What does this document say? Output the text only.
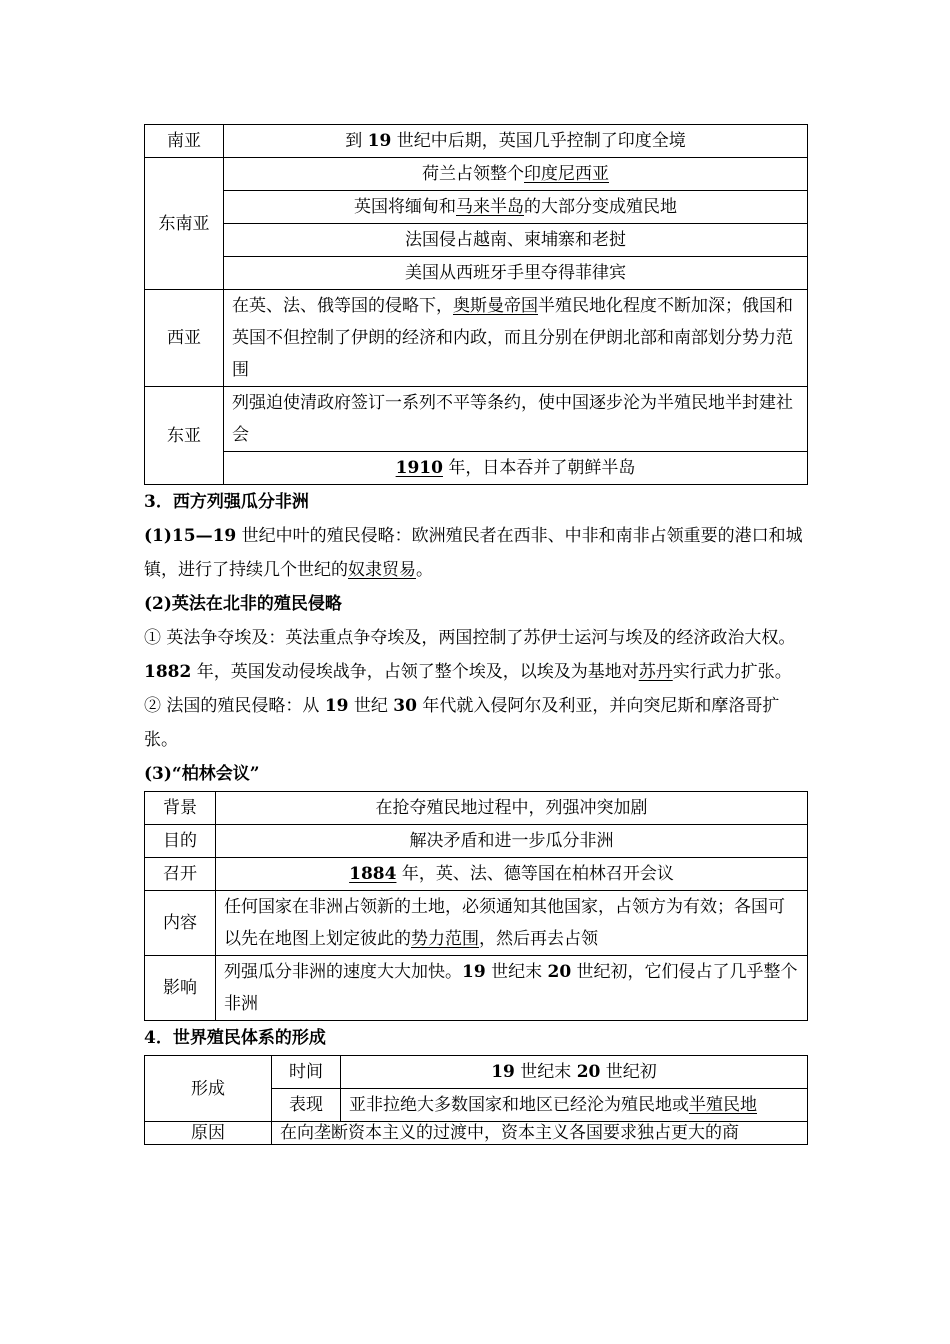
南亚	到 19 世纪中后期，英国几乎控制了印度全境
东南亚	荷兰占领整个印度尼西亚
	英国将缅甸和马来半岛的大部分变成殖民地
	法国侵占越南、柬埔寨和老挝
	美国从西班牙手里夺得菲律宾
西亚	在英、法、俄等国的侵略下，奥斯曼帝国半殖民地化程度不断加深；俄国和英国不但控制了伊朗的经济和内政，而且分别在伊朗北部和南部划分势力范围
东亚	列强迫使清政府签订一系列不平等条约，使中国逐步沦为半殖民地半封建社会
	1910 年，日本吞并了朝鲜半岛

3．西方列强瓜分非洲

(1)15—19 世纪中叶的殖民侵略：欧洲殖民者在西非、中非和南非占领重要的港口和城镇，进行了持续几个世纪的奴隶贸易。

(2)英法在北非的殖民侵略

① 英法争夺埃及：英法重点争夺埃及，两国控制了苏伊士运河与埃及的经济政治大权。1882 年，英国发动侵埃战争，占领了整个埃及，以埃及为基地对苏丹实行武力扩张。

② 法国的殖民侵略：从 19 世纪 30 年代就入侵阿尔及利亚，并向突尼斯和摩洛哥扩张。

(3)“柏林会议”

背景	在抢夺殖民地过程中，列强冲突加剧
目的	解决矛盾和进一步瓜分非洲
召开	1884 年，英、法、德等国在柏林召开会议
内容	任何国家在非洲占领新的土地，必须通知其他国家，占领方为有效；各国可以先在地图上划定彼此的势力范围，然后再去占领
影响	列强瓜分非洲的速度大大加快。19 世纪末 20 世纪初，它们侵占了几乎整个非洲

4．世界殖民体系的形成

形成	时间	19 世纪末 20 世纪初
	表现	亚非拉绝大多数国家和地区已经沦为殖民地或半殖民地
原因	在向垄断资本主义的过渡中，资本主义各国要求独占更大的商	
